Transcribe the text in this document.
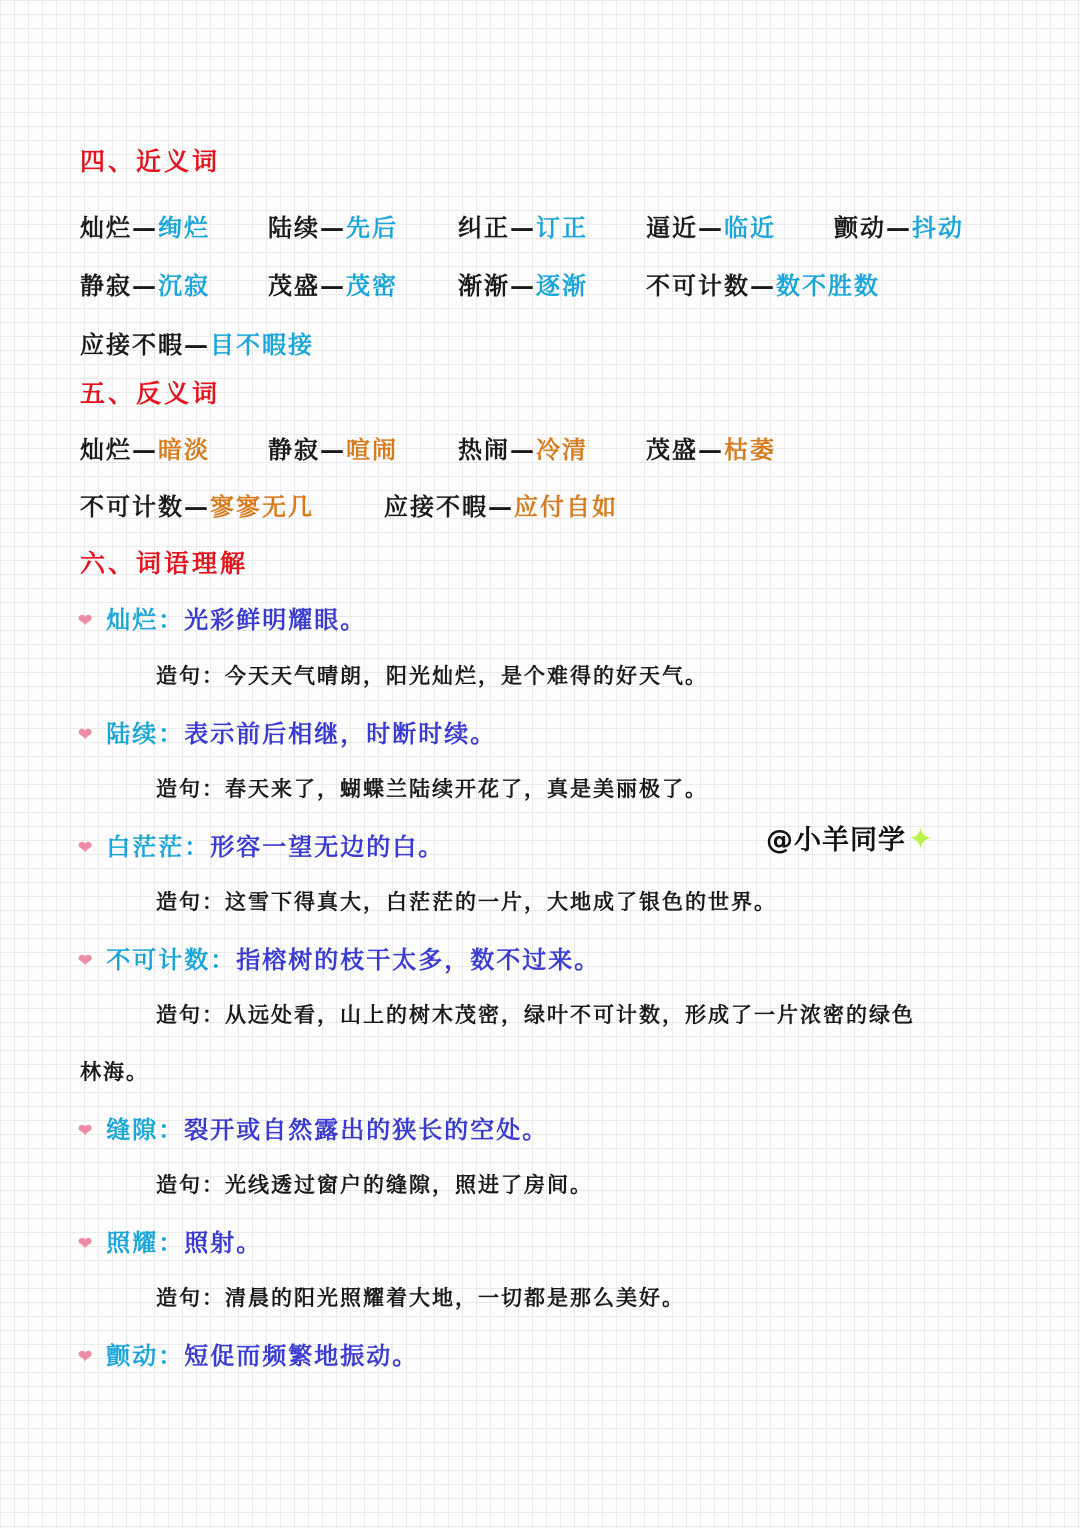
四、近义词
灿烂—绚烂 陆续—先后	纠正—订正 逼近—临近 颤动—抖动
静寂—沉寂 茂盛—茂密	渐渐—逐渐 不可计数—数不胜数
应接不暇—目不暇接
五、反义词
灿烂—暗淡 静寂—喧闹	热闹—冷清 茂盛—枯萎
不可计数—寥寥无几	应接不暇—应付自如
六、词语理解
❤ 灿烂：光彩鲜明耀眼。
造句：今天天气晴朗，阳光灿烂，是个难得的好天气。
❤ 陆续：表示前后相继，时断时续。
造句：春天来了，蝴蝶兰陆续开花了，真是美丽极了。
❤ 白茫茫：形容一望无边的白。	@小羊同学✦
造句：这雪下得真大，白茫茫的一片，大地成了银色的世界。
❤ 不可计数：指榕树的枝干太多，数不过来。
造句：从远处看，山上的树木茂密，绿叶不可计数，形成了一片浓密的绿色
林海。
❤ 缝隙：裂开或自然露出的狭长的空处。
造句：光线透过窗户的缝隙，照进了房间。
❤ 照耀：照射。
造句：清晨的阳光照耀着大地，一切都是那么美好。
❤ 颤动：短促而频繁地振动。
